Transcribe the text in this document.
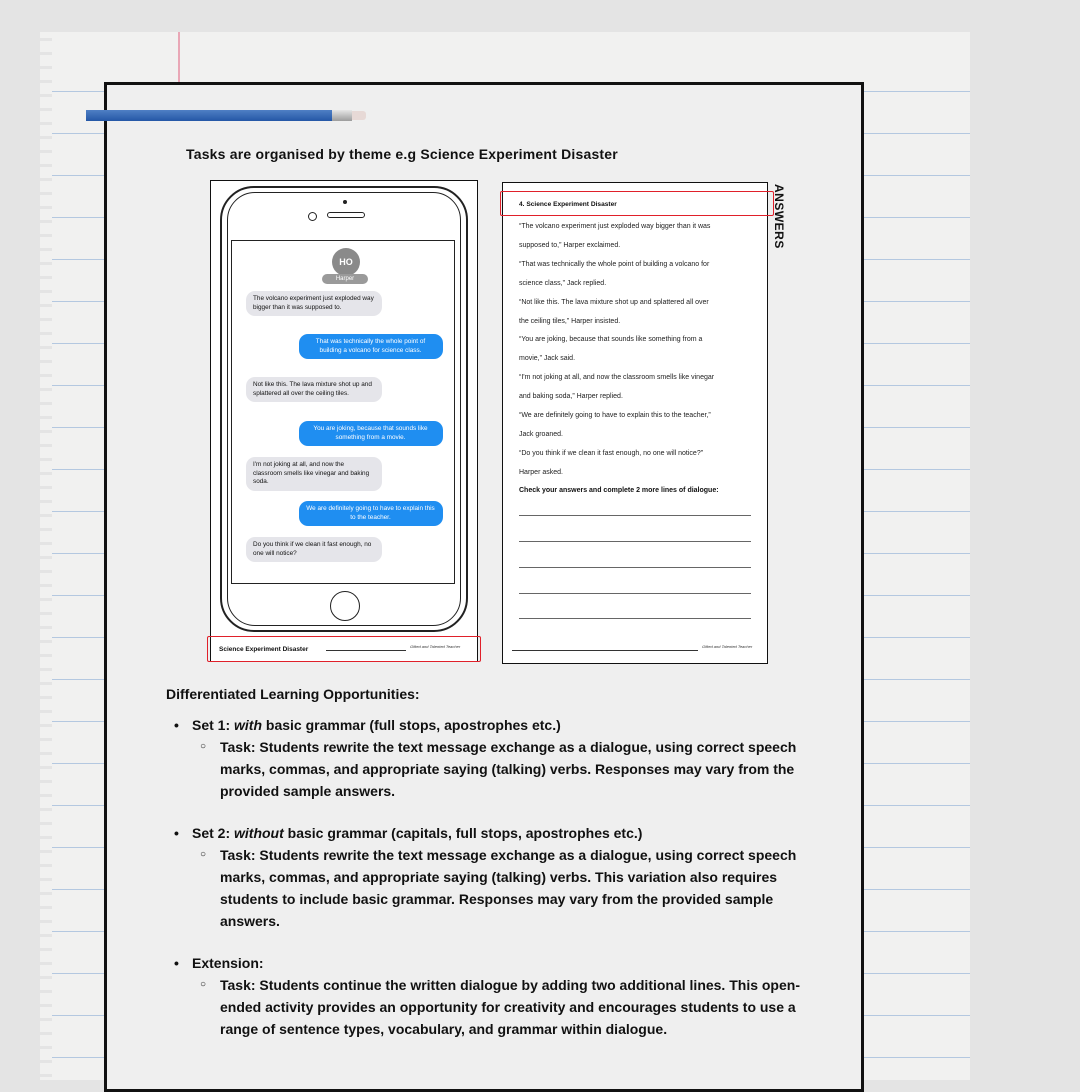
Tasks are organised by theme e.g Science Experiment Disaster
HO
Harper
The volcano experiment just exploded way bigger than it was supposed to.
That was technically the whole point of building a volcano for science class.
Not like this. The lava mixture shot up and splattered all over the ceiling tiles.
You are joking, because that sounds like something from a movie.
I'm not joking at all, and now the classroom smells like vinegar and baking soda.
We are definitely going to have to explain this to the teacher.
Do you think if we clean it fast enough, no one will notice?
Science Experiment Disaster	Gifted and Talented Teacher
4. Science Experiment Disaster	ANSWERS
“The volcano experiment just exploded way bigger than it was
supposed to,” Harper exclaimed.
“That was technically the whole point of building a volcano for
science class,” Jack replied.
“Not like this. The lava mixture shot up and splattered all over
the ceiling tiles,” Harper insisted.
“You are joking, because that sounds like something from a
movie,” Jack said.
“I'm not joking at all, and now the classroom smells like vinegar
and baking soda,” Harper replied.
“We are definitely going to have to explain this to the teacher,”
Jack groaned.
“Do you think if we clean it fast enough, no one will notice?”
Harper asked.
Check your answers and complete 2 more lines of dialogue:
Gifted and Talented Teacher
Differentiated Learning Opportunities:
• Set 1: with basic grammar (full stops, apostrophes etc.)
○ Task: Students rewrite the text message exchange as a dialogue, using correct speech marks, commas, and appropriate saying (talking) verbs. Responses may vary from the provided sample answers.
• Set 2: without basic grammar (capitals, full stops, apostrophes etc.)
○ Task: Students rewrite the text message exchange as a dialogue, using correct speech marks, commas, and appropriate saying (talking) verbs. This variation also requires students to include basic grammar. Responses may vary from the provided sample answers.
• Extension:
○ Task: Students continue the written dialogue by adding two additional lines. This open-ended activity provides an opportunity for creativity and encourages students to use a range of sentence types, vocabulary, and grammar within dialogue.
